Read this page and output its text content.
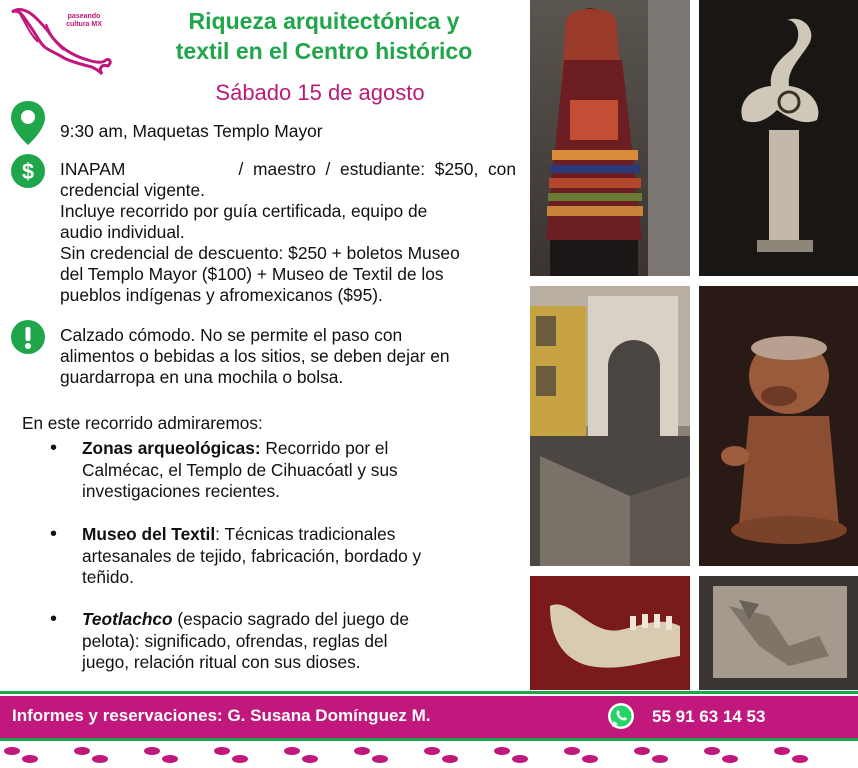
paseando
cultura MX	Riqueza arquitectónica y
textil en el Centro histórico
Sábado 15 de agosto
9:30 am, Maquetas Templo Mayor
$ INAPAM	/  maestro  /  estudiante:  $250,  con
credencial vigente.
Incluye recorrido por guía certificada, equipo de
audio individual.
Sin credencial de descuento: $250 + boletos Museo
del Templo Mayor ($100) + Museo de Textil de los
pueblos indígenas y afromexicanos ($95).
Calzado cómodo. No se permite el paso con
alimentos o bebidas a los sitios, se deben dejar en
guardarropa en una mochila o bolsa.
En este recorrido admiraremos:
• Zonas arqueológicas: Recorrido por el
Calmécac, el Templo de Cihuacóatl y sus
investigaciones recientes.
• Museo del Textil: Técnicas tradicionales
artesanales de tejido, fabricación, bordado y
teñido.
• Teotlachco (espacio sagrado del juego de
pelota): significado, ofrendas, reglas del
juego, relación ritual con sus dioses.
Informes y reservaciones: G. Susana Domínguez M.	55 91 63 14 53
